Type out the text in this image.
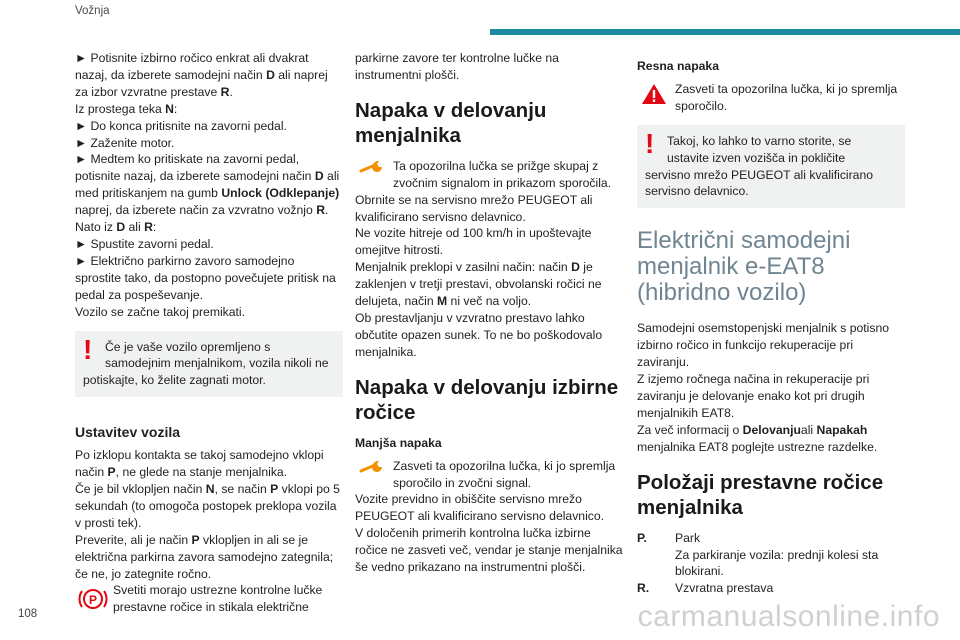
Vožnja

► Potisnite izbirno ročico enkrat ali dvakrat nazaj, da izberete samodejni način D ali naprej za izbor vzvratne prestave R.

Iz prostega teka N:

► Do konca pritisnite na zavorni pedal.

► Zaženite motor.

► Medtem ko pritiskate na zavorni pedal, potisnite nazaj, da izberete samodejni način D ali med pritiskanjem na gumb Unlock (Odklepanje) naprej, da izberete način za vzvratno vožnjo R.

Nato iz D ali R:

► Spustite zavorni pedal.

► Električno parkirno zavoro samodejno sprostite tako, da postopno povečujete pritisk na pedal za pospeševanje.

Vozilo se začne takoj premikati.

!	Če je vaše vozilo opremljeno s samodejnim menjalnikom, vozila nikoli ne
potiskajte, ko želite zagnati motor.
Ustavitev vozila

Po izklopu kontakta se takoj samodejno vklopi način P, ne glede na stanje menjalnika.

Če je bil vklopljen način N, se način P vklopi po 5 sekundah (to omogoča postopek preklopa vozila v prosti tek).

Preverite, ali je način P vklopljen in ali se je električna parkirna zavora samodejno zategnila; če ne, jo zategnite ročno.

P

Svetiti morajo ustrezne kontrolne lučke prestavne ročice in stikala električne

parkirne zavore ter kontrolne lučke na instrumentni plošči.

Napaka v delovanju menjalnika

Ta opozorilna lučka se prižge skupaj z zvočnim signalom in prikazom sporočila.

Obrnite se na servisno mrežo PEUGEOT ali kvalificirano servisno delavnico.

Ne vozite hitreje od 100 km/h in upoštevajte omejitve hitrosti.

Menjalnik preklopi v zasilni način: način D je zaklenjen v tretji prestavi, obvolanski ročici ne delujeta, način M ni več na voljo.

Ob prestavljanju v vzvratno prestavo lahko občutite opazen sunek. To ne bo poškodovalo menjalnika.

Napaka v delovanju izbirne ročice
Manjša napaka

Zasveti ta opozorilna lučka, ki jo spremlja sporočilo in zvočni signal.

Vozite previdno in obiščite servisno mrežo PEUGEOT ali kvalificirano servisno delavnico.

V določenih primerih kontrolna lučka izbirne ročice ne zasveti več, vendar je stanje menjalnika še vedno prikazano na instrumentni plošči.

Resna napaka

Zasveti ta opozorilna lučka, ki jo spremlja sporočilo.

!	Takoj, ko lahko to varno storite, se ustavite izven vozišča in pokličite
servisno mrežo PEUGEOT ali kvalificirano servisno delavnico.
Električni samodejni menjalnik e-EAT8 (hibridno vozilo)

Samodejni osemstopenjski menjalnik s potisno izbirno ročico in funkcijo rekuperacije pri zaviranju.

Z izjemo ročnega načina in rekuperacije pri zaviranju je delovanje enako kot pri drugih menjalnikih EAT8.

Za več informacij o Delovanjuali Napakah menjalnika EAT8 poglejte ustrezne razdelke.

Položaji prestavne ročice menjalnika
P.	Park

Za parkiranje vozila: prednji kolesi sta blokirani.

R.	Vzvratna prestava

108	carmanualsonline.info
